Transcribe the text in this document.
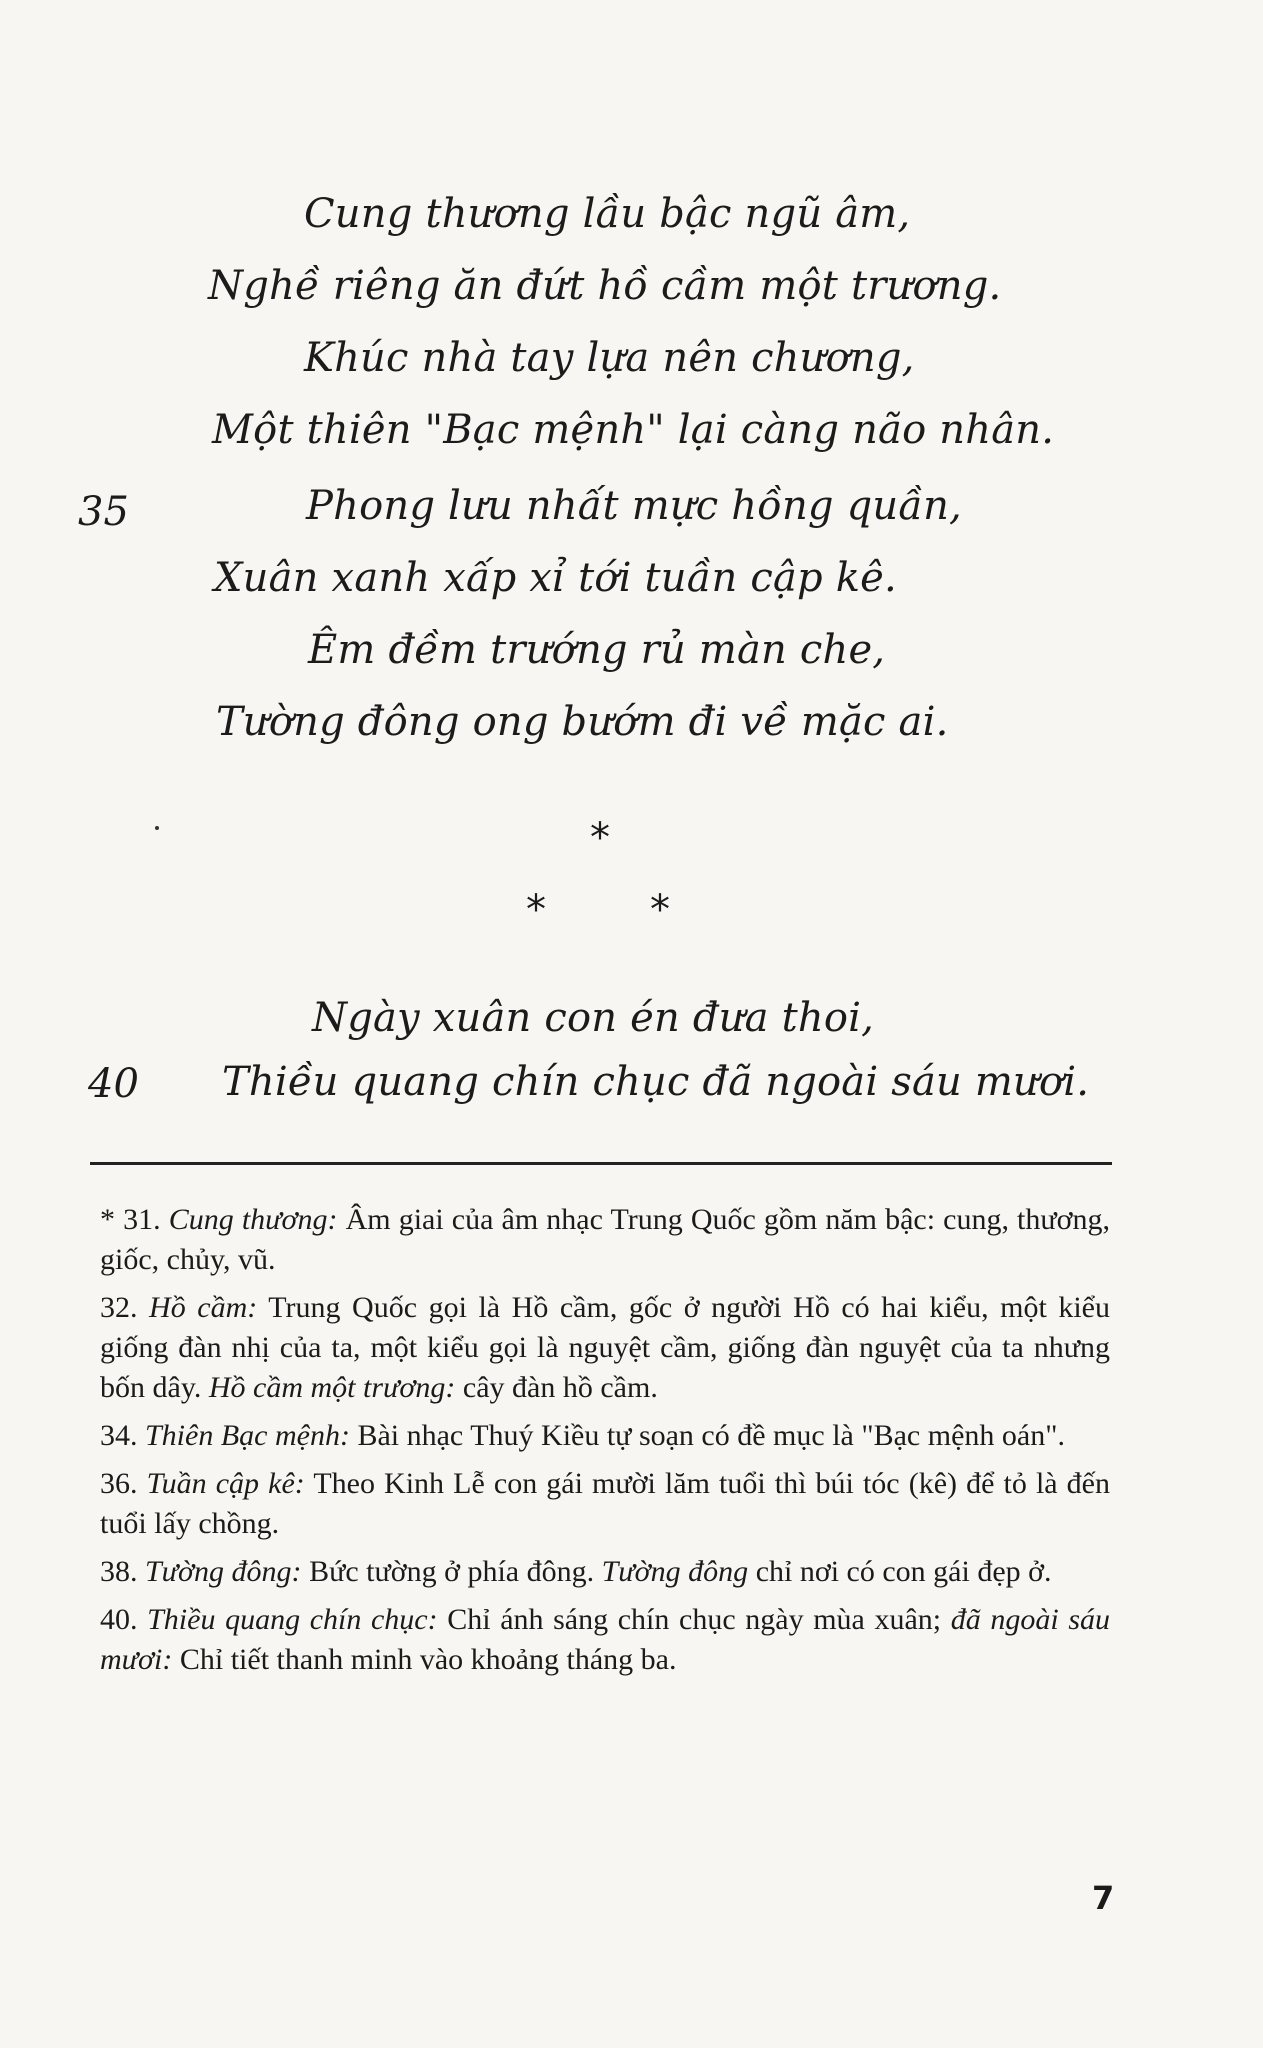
Cung thương lầu bậc ngũ âm,
Nghề riêng ăn đứt hồ cầm một trương.
Khúc nhà tay lựa nên chương,
Một thiên "Bạc mệnh" lại càng não nhân.
35	Phong lưu nhất mực hồng quần,
Xuân xanh xấp xỉ tới tuần cập kê.
Êm đềm trướng rủ màn che,
Tường đông ong bướm đi về mặc ai.
*
*	*
Ngày xuân con én đưa thoi,
40 Thiều quang chín chục đã ngoài sáu mươi.

* 31. Cung thương: Âm giai của âm nhạc Trung Quốc gồm năm bậc: cung, thương, giốc, chủy, vũ.

32. Hồ cầm: Trung Quốc gọi là Hồ cầm, gốc ở người Hồ có hai kiểu, một kiểu giống đàn nhị của ta, một kiểu gọi là nguyệt cầm, giống đàn nguyệt của ta nhưng bốn dây. Hồ cầm một trương: cây đàn hồ cầm.

34. Thiên Bạc mệnh: Bài nhạc Thuý Kiều tự soạn có đề mục là "Bạc mệnh oán".

36. Tuần cập kê: Theo Kinh Lễ con gái mười lăm tuổi thì búi tóc (kê) để tỏ là đến tuổi lấy chồng.

38. Tường đông: Bức tường ở phía đông. Tường đông chỉ nơi có con gái đẹp ở.

40. Thiều quang chín chục: Chỉ ánh sáng chín chục ngày mùa xuân; đã ngoài sáu mươi: Chỉ tiết thanh minh vào khoảng tháng ba.

7
